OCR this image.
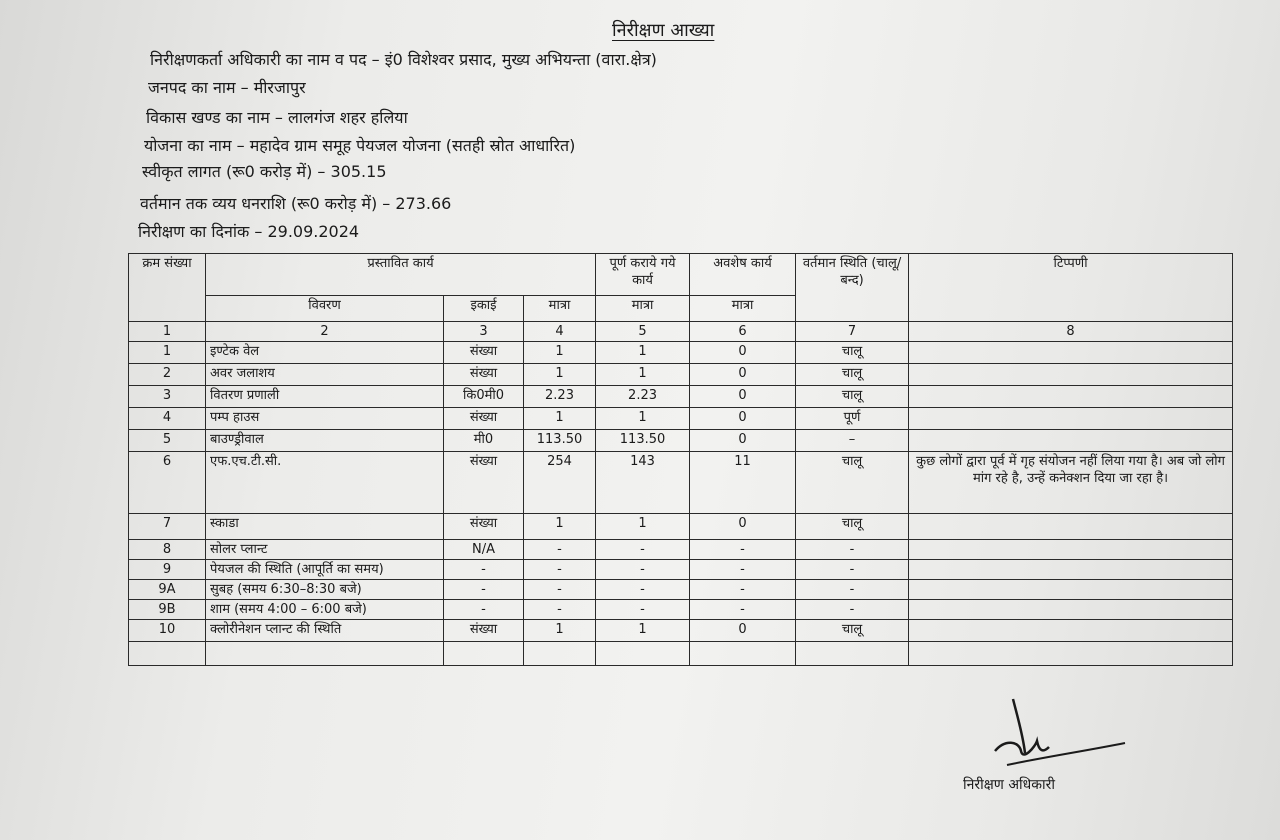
निरीक्षण आख्या
निरीक्षणकर्ता अधिकारी का नाम व पद – इं0 विशेश्वर प्रसाद, मुख्य अभियन्ता (वारा.क्षेत्र)
जनपद का नाम – मीरजापुर
विकास खण्ड का नाम – लालगंज शहर हलिया
योजना का नाम – महादेव ग्राम समूह पेयजल योजना (सतही स्रोत आधारित)
स्वीकृत लागत (रू0 करोड़ में) – 305.15
वर्तमान तक व्यय धनराशि (रू0 करोड़ में) – 273.66
निरीक्षण का दिनांक – 29.09.2024
क्रम संख्या	प्रस्तावित कार्य			पूर्ण कराये गये कार्य	अवशेष कार्य	वर्तमान स्थिति (चालू/बन्द)	टिप्पणी
	विवरण	इकाई	मात्रा	मात्रा	मात्रा		
1	2	3	4	5	6	7	8
1	इण्टेक वेल	संख्या	1	1	0	चालू	
2	अवर जलाशय	संख्या	1	1	0	चालू	
3	वितरण प्रणाली	कि0मी0	2.23	2.23	0	चालू	
4	पम्प हाउस	संख्या	1	1	0	पूर्ण	
5	बाउण्ड्रीवाल	मी0	113.50	113.50	0	–	
6	एफ.एच.टी.सी.	संख्या	254	143	11	चालू	कुछ लोगों द्वारा पूर्व में गृह संयोजन नहीं लिया गया है। अब जो लोग मांग रहे है, उन्हें कनेक्शन दिया जा रहा है।
7	स्काडा	संख्या	1	1	0	चालू	
8	सोलर प्लान्ट	N/A	-	-	-	-	
9	पेयजल की स्थिति (आपूर्ति का समय)	-	-	-	-	-	
9A	सुबह (समय 6:30–8:30 बजे)	-	-	-	-	-	
9B	शाम (समय 4:00 – 6:00 बजे)	-	-	-	-	-	
10	क्लोरीनेशन प्लान्ट की स्थिति	संख्या	1	1	0	चालू	

निरीक्षण अधिकारी
